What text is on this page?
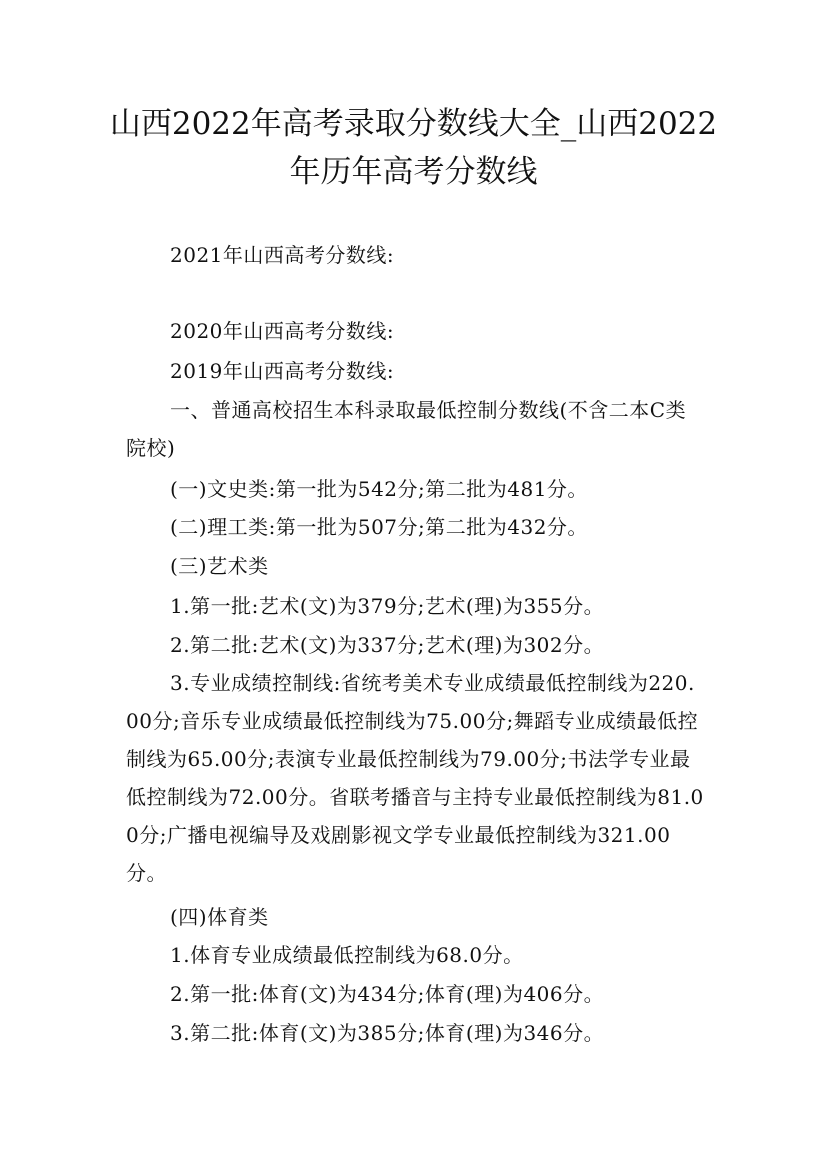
山西2022年高考录取分数线大全_山西2022
年历年高考分数线

2021年山西高考分数线:

2020年山西高考分数线:

2019年山西高考分数线:

一、普通高校招生本科录取最低控制分数线(不含二本C类院校)

(一)文史类:第一批为542分;第二批为481分。

(二)理工类:第一批为507分;第二批为432分。

(三)艺术类

1.第一批:艺术(文)为379分;艺术(理)为355分。

2.第二批:艺术(文)为337分;艺术(理)为302分。

3.专业成绩控制线:省统考美术专业成绩最低控制线为220.00分;音乐专业成绩最低控制线为75.00分;舞蹈专业成绩最低控制线为65.00分;表演专业最低控制线为79.00分;书法学专业最低控制线为72.00分。省联考播音与主持专业最低控制线为81.00分;广播电视编导及戏剧影视文学专业最低控制线为321.00分。

(四)体育类

1.体育专业成绩最低控制线为68.0分。

2.第一批:体育(文)为434分;体育(理)为406分。

3.第二批:体育(文)为385分;体育(理)为346分。
